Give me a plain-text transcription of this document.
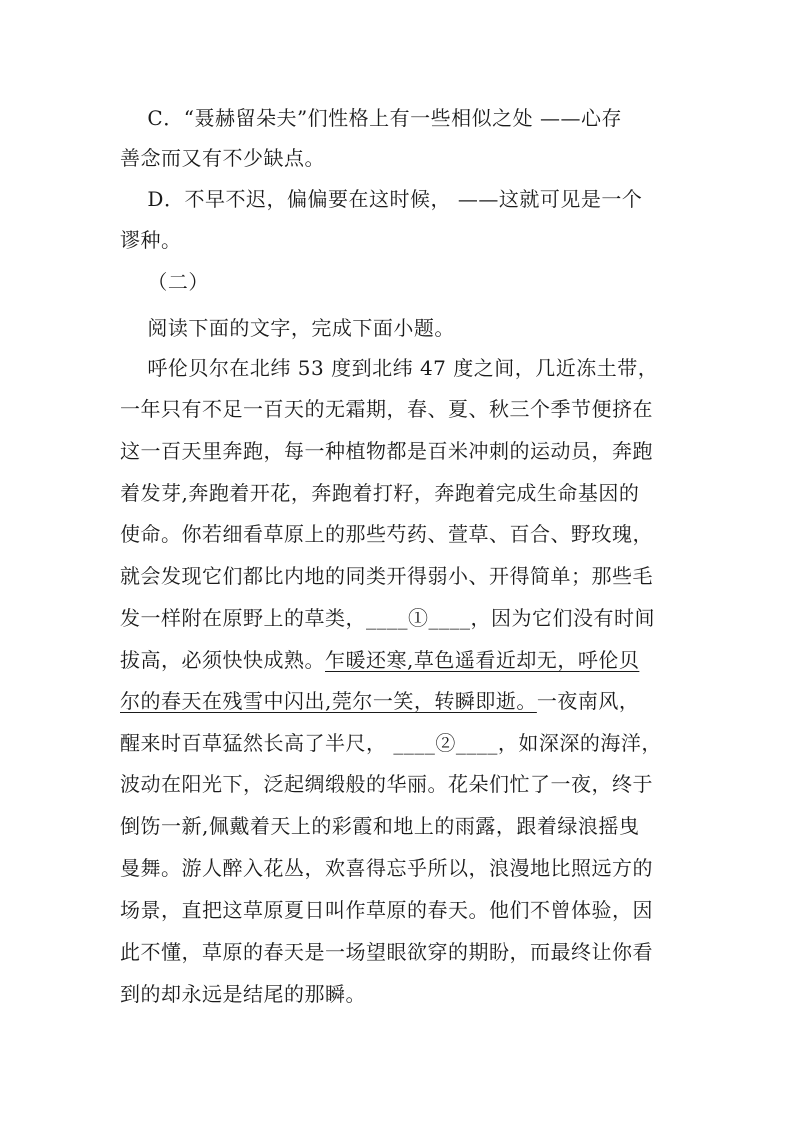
C．“聂赫留朵夫”们性格上有一些相似之处 ——心存
善念而又有不少缺点。
D．不早不迟，偏偏要在这时候， ——这就可见是一个
谬种。
（二）
阅读下面的文字，完成下面小题。
呼伦贝尔在北纬 53 度到北纬 47 度之间，几近冻土带，
一年只有不足一百天的无霜期，春、夏、秋三个季节便挤在
这一百天里奔跑，每一种植物都是百米冲刺的运动员，奔跑
着发芽,奔跑着开花，奔跑着打籽，奔跑着完成生命基因的
使命。你若细看草原上的那些芍药、萱草、百合、野玫瑰，
就会发现它们都比内地的同类开得弱小、开得简单；那些毛
发一样附在原野上的草类，____①____，因为它们没有时间
拔高，必须快快成熟。乍暖还寒,草色遥看近却无，呼伦贝
尔的春天在残雪中闪出,莞尔一笑，转瞬即逝。一夜南风，
醒来时百草猛然长高了半尺， ____②____，如深深的海洋，
波动在阳光下，泛起绸缎般的华丽。花朵们忙了一夜，终于
倒饬一新,佩戴着天上的彩霞和地上的雨露，跟着绿浪摇曳
曼舞。游人醉入花丛，欢喜得忘乎所以，浪漫地比照远方的
场景，直把这草原夏日叫作草原的春天。他们不曾体验，因
此不懂，草原的春天是一场望眼欲穿的期盼，而最终让你看
到的却永远是结尾的那瞬。
